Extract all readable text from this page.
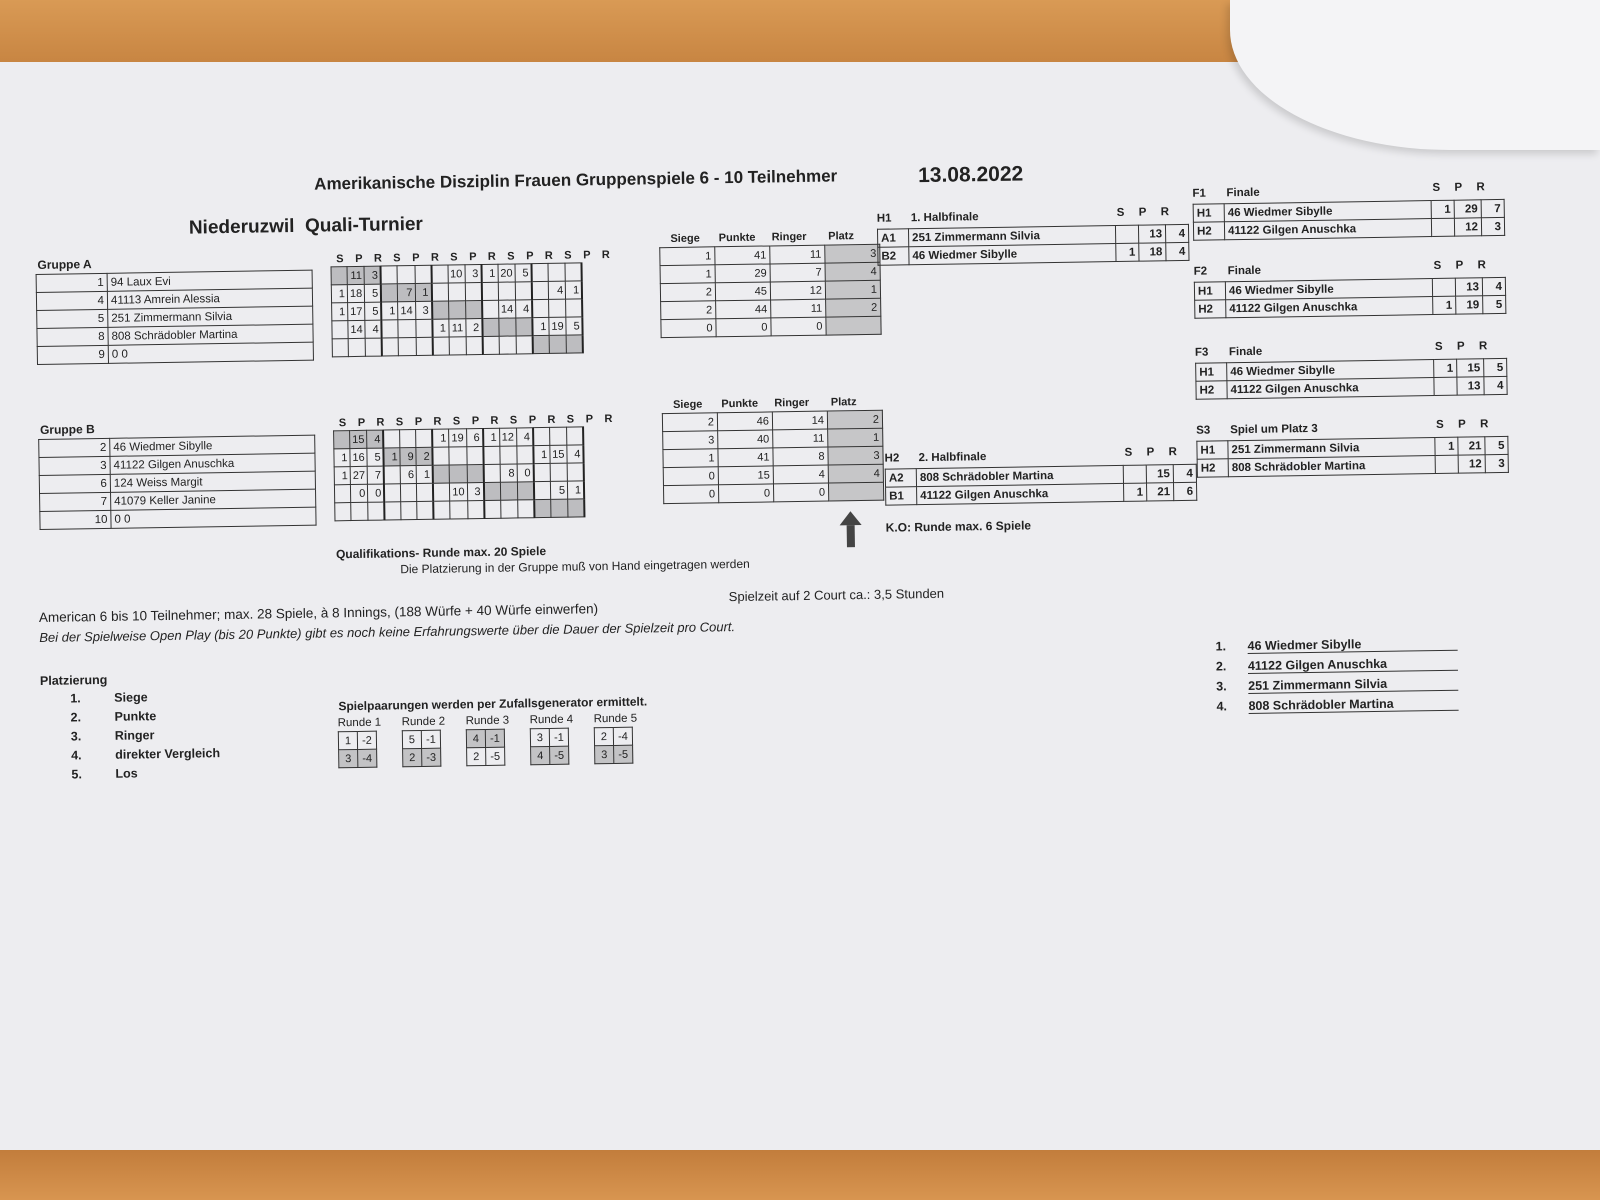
Amerikanische Disziplin Frauen Gruppenspiele 6 - 10 Teilnehmer	13.08.2022
Niederuzwil Quali-Turnier
Gruppe A
1	94 Laux Evi
4	41113 Amrein Alessia
5	251 Zimmermann Silvia
8	808 Schrädobler Martina
9	0 0
S P R S P R S P R S P R S P R
	11	3					10	3	1	20	5			
1	18	5		7	1								4	1
1	17	5	1	14	3					14	4			
	14	4				1	11	2				1	19	5

Siege Punkte Ringer Platz
1	41	11	3
1	29	7	4
2	45	12	1
2	44	11	2
0	0	0	
Gruppe B
2	46 Wiedmer Sibylle
3	41122 Gilgen Anuschka
6	124 Weiss Margit
7	41079 Keller Janine
10	0 0
S P R S P R S P R S P R S P R
	15	4				1	19	6	1	12	4			
1	16	5	1	9	2							1	15	4
1	27	7		6	1					8	0			
	0	0					10	3					5	1

Siege Punkte Ringer Platz
2	46	14	2
3	40	11	1
1	41	8	3
0	15	4	4
0	0	0	
H1 1. Halbfinale	S P R
A1	251 Zimmermann Silvia		13	4
B2	46 Wiedmer Sibylle	1	18	4
H2 2. Halbfinale	S P R
A2	808 Schrädobler Martina		15	4
B1	41122 Gilgen Anuschka	1	21	6
F1 Finale	S P R
H1	46 Wiedmer Sibylle	1	29	7
H2	41122 Gilgen Anuschka		12	3
F2 Finale	S P R
H1	46 Wiedmer Sibylle		13	4
H2	41122 Gilgen Anuschka	1	19	5
F3 Finale	S P R
H1	46 Wiedmer Sibylle	1	15	5
H2	41122 Gilgen Anuschka		13	4
S3 Spiel um Platz 3	S P R
H1	251 Zimmermann Silvia	1	21	5
H2	808 Schrädobler Martina		12	3
Qualifikations- Runde max. 20 Spiele
Die Platzierung in der Gruppe muß von Hand eingetragen werden
K.O: Runde max. 6 Spiele
American 6 bis 10 Teilnehmer; max. 28 Spiele, à 8 Innings, (188 Würfe + 40 Würfe einwerfen)
Spielzeit auf 2 Court ca.: 3,5 Stunden
Bei der Spielweise Open Play (bis 20 Punkte) gibt es noch keine Erfahrungswerte über die Dauer der Spielzeit pro Court.
Platzierung
1.	Siege
2.	Punkte
3.	Ringer
4.	direkter Vergleich
5.	Los
Spielpaarungen werden per Zufallsgenerator ermittelt.
Runde 1
1	-2
3	-4
Runde 2
5	-1
2	-3
Runde 3
4	-1
2	-5
Runde 4
3	-1
4	-5
Runde 5
2	-4
3	-5
1. 46 Wiedmer Sibylle
2. 41122 Gilgen Anuschka
3. 251 Zimmermann Silvia
4. 808 Schrädobler Martina
